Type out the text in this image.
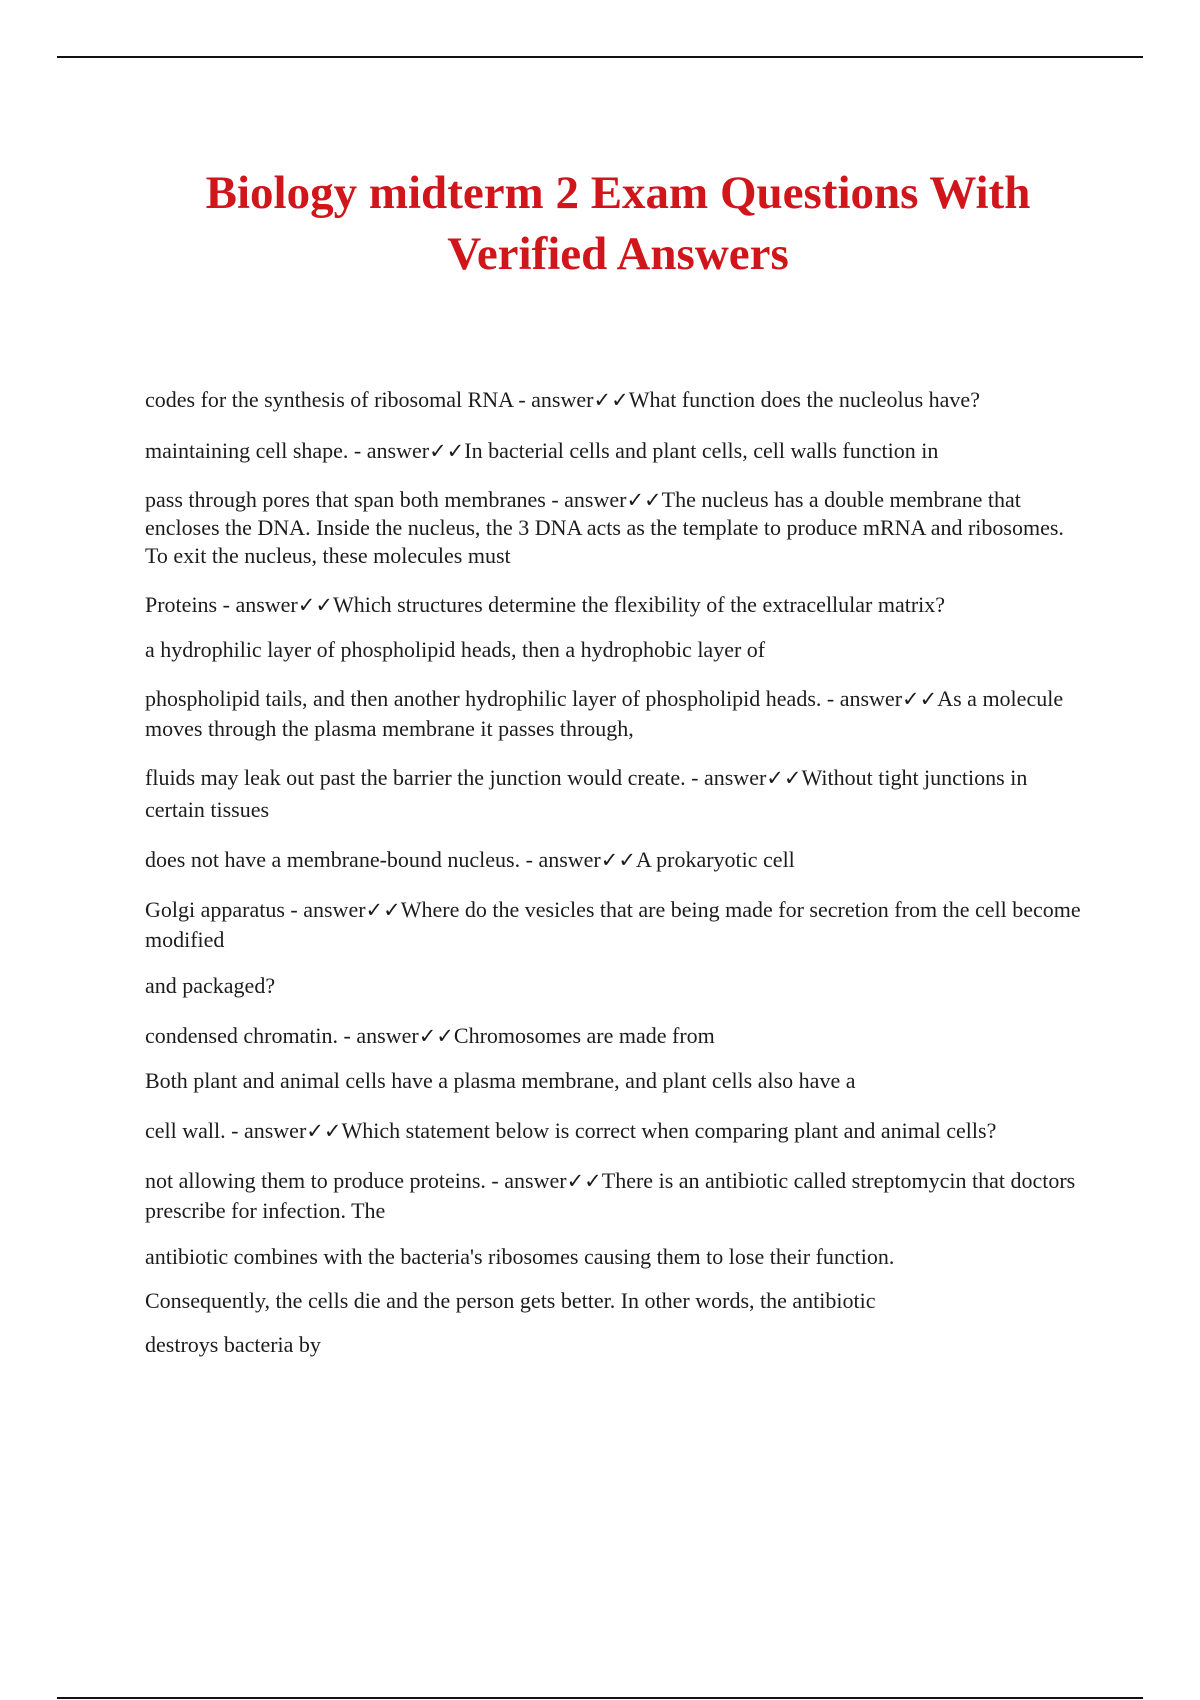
Biology midterm 2 Exam Questions With
Verified Answers

codes for the synthesis of ribosomal RNA - answer✓✓What function does the nucleolus have?

maintaining cell shape. - answer✓✓In bacterial cells and plant cells, cell walls function in

pass through pores that span both membranes - answer✓✓The nucleus has a double membrane that encloses the DNA. Inside the nucleus, the 3 DNA acts as the template to produce mRNA and ribosomes. To exit the nucleus, these molecules must

Proteins - answer✓✓Which structures determine the flexibility of the extracellular matrix?

a hydrophilic layer of phospholipid heads, then a hydrophobic layer of

phospholipid tails, and then another hydrophilic layer of phospholipid heads. - answer✓✓As a molecule moves through the plasma membrane it passes through,

fluids may leak out past the barrier the junction would create. - answer✓✓Without tight junctions in certain tissues

does not have a membrane-bound nucleus. - answer✓✓A prokaryotic cell

Golgi apparatus - answer✓✓Where do the vesicles that are being made for secretion from the cell become modified

and packaged?

condensed chromatin. - answer✓✓Chromosomes are made from

Both plant and animal cells have a plasma membrane, and plant cells also have a

cell wall. - answer✓✓Which statement below is correct when comparing plant and animal cells?

not allowing them to produce proteins. - answer✓✓There is an antibiotic called streptomycin that doctors prescribe for infection. The

antibiotic combines with the bacteria's ribosomes causing them to lose their function.

Consequently, the cells die and the person gets better. In other words, the antibiotic

destroys bacteria by
